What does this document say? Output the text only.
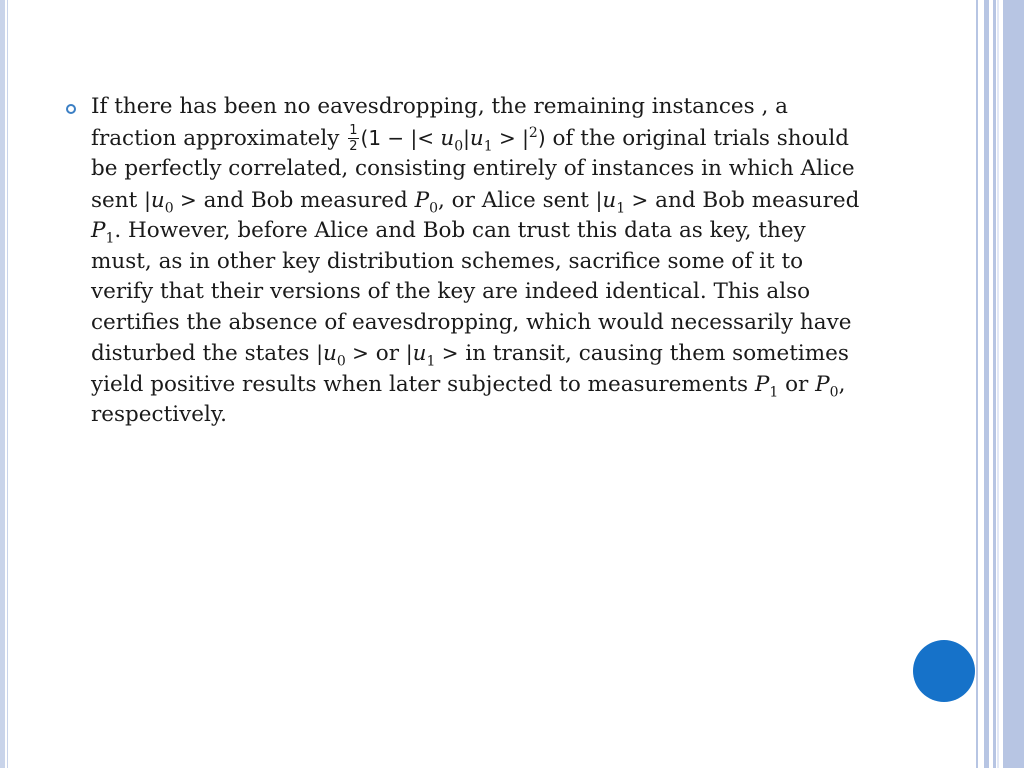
If there has been no eavesdropping, the remaining instances , a fraction approximately $\frac{1}{2} (1$ − |< $u_0|u_1 > |^2$) of the original trials should be perfectly correlated, consisting entirely of instances in which Alice sent $|u_0$ > and Bob measured $P_0$, or Alice sent $|u_1$ > and Bob measured $P_1$. However, before Alice and Bob can trust this data as key, they must, as in other key distribution schemes, sacrifice some of it to verify that their versions of the key are indeed identical. This also certifies the absence of eavesdropping, which would necessarily have disturbed the states $|u_0$ > or $|u_1$ > in transit, causing them sometimes yield positive results when later subjected to measurements $P_1$ or $P_0$, respectively.
